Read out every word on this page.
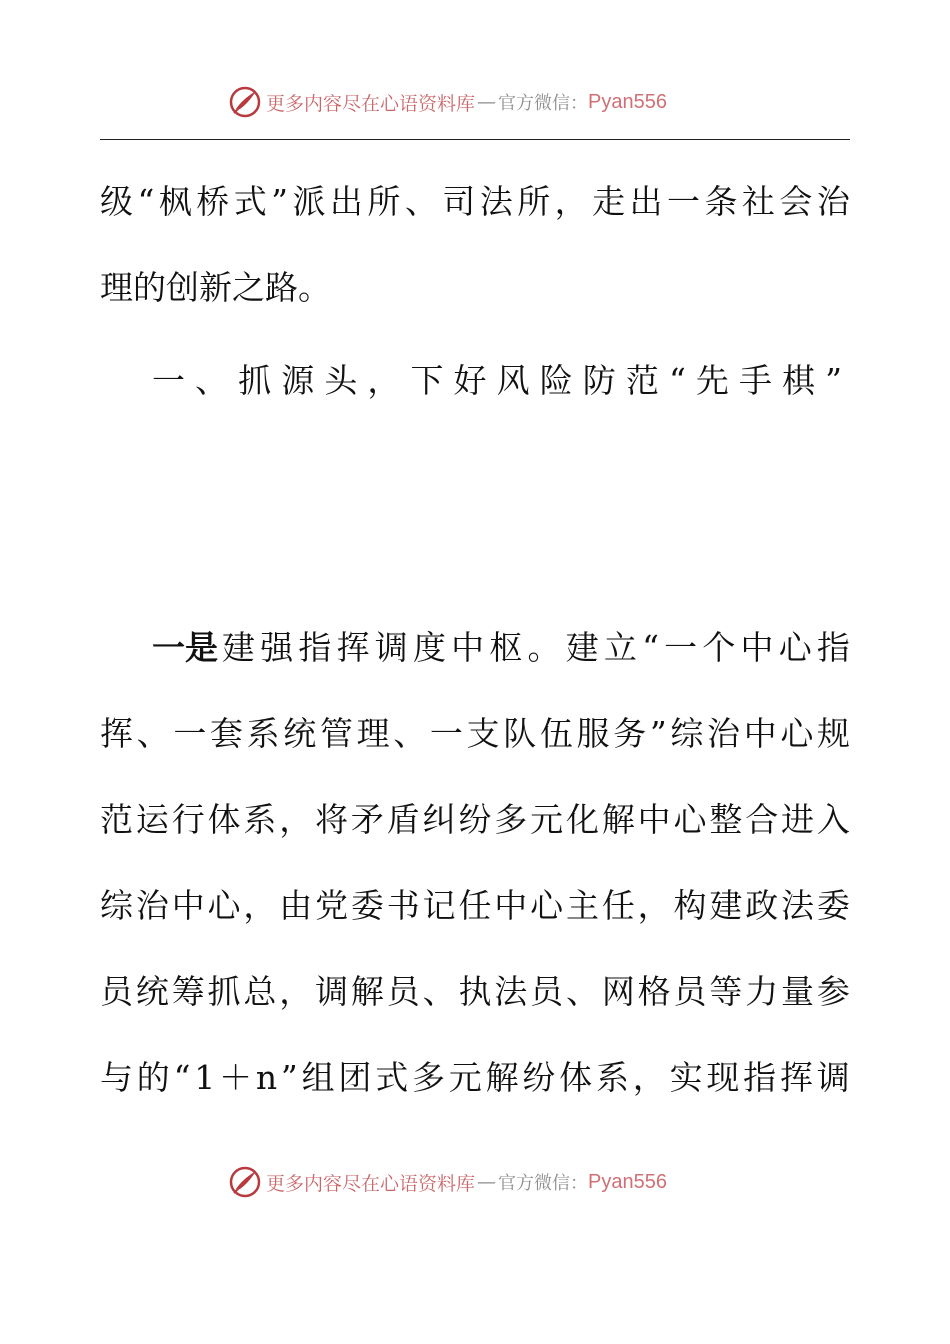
更多内容尽在心语资料库 — 官方微信： Pyan556
级 “ 枫 桥 式 ” 派 出 所 、 司 法 所 ， 走 出 一 条 社 会 治
理的创新之路。
一 、 抓 源 头 ， 下 好 风 险 防 范 “ 先 手 棋 ”
一是 建 强 指 挥 调 度 中 枢 。 建 立 “ 一 个 中 心 指
挥 、 一 套 系 统 管 理 、 一 支 队 伍 服 务 ” 综 治 中 心 规
范 运 行 体 系 ， 将 矛 盾 纠 纷 多 元 化 解 中 心 整 合 进 入
综 治 中 心 ， 由 党 委 书 记 任 中 心 主 任 ， 构 建 政 法 委
员 统 筹 抓 总 ， 调 解 员 、 执 法 员 、 网 格 员 等 力 量 参
与 的 “ 1 ＋ n ” 组 团 式 多 元 解 纷 体 系 ， 实 现 指 挥 调
更多内容尽在心语资料库 — 官方微信： Pyan556
